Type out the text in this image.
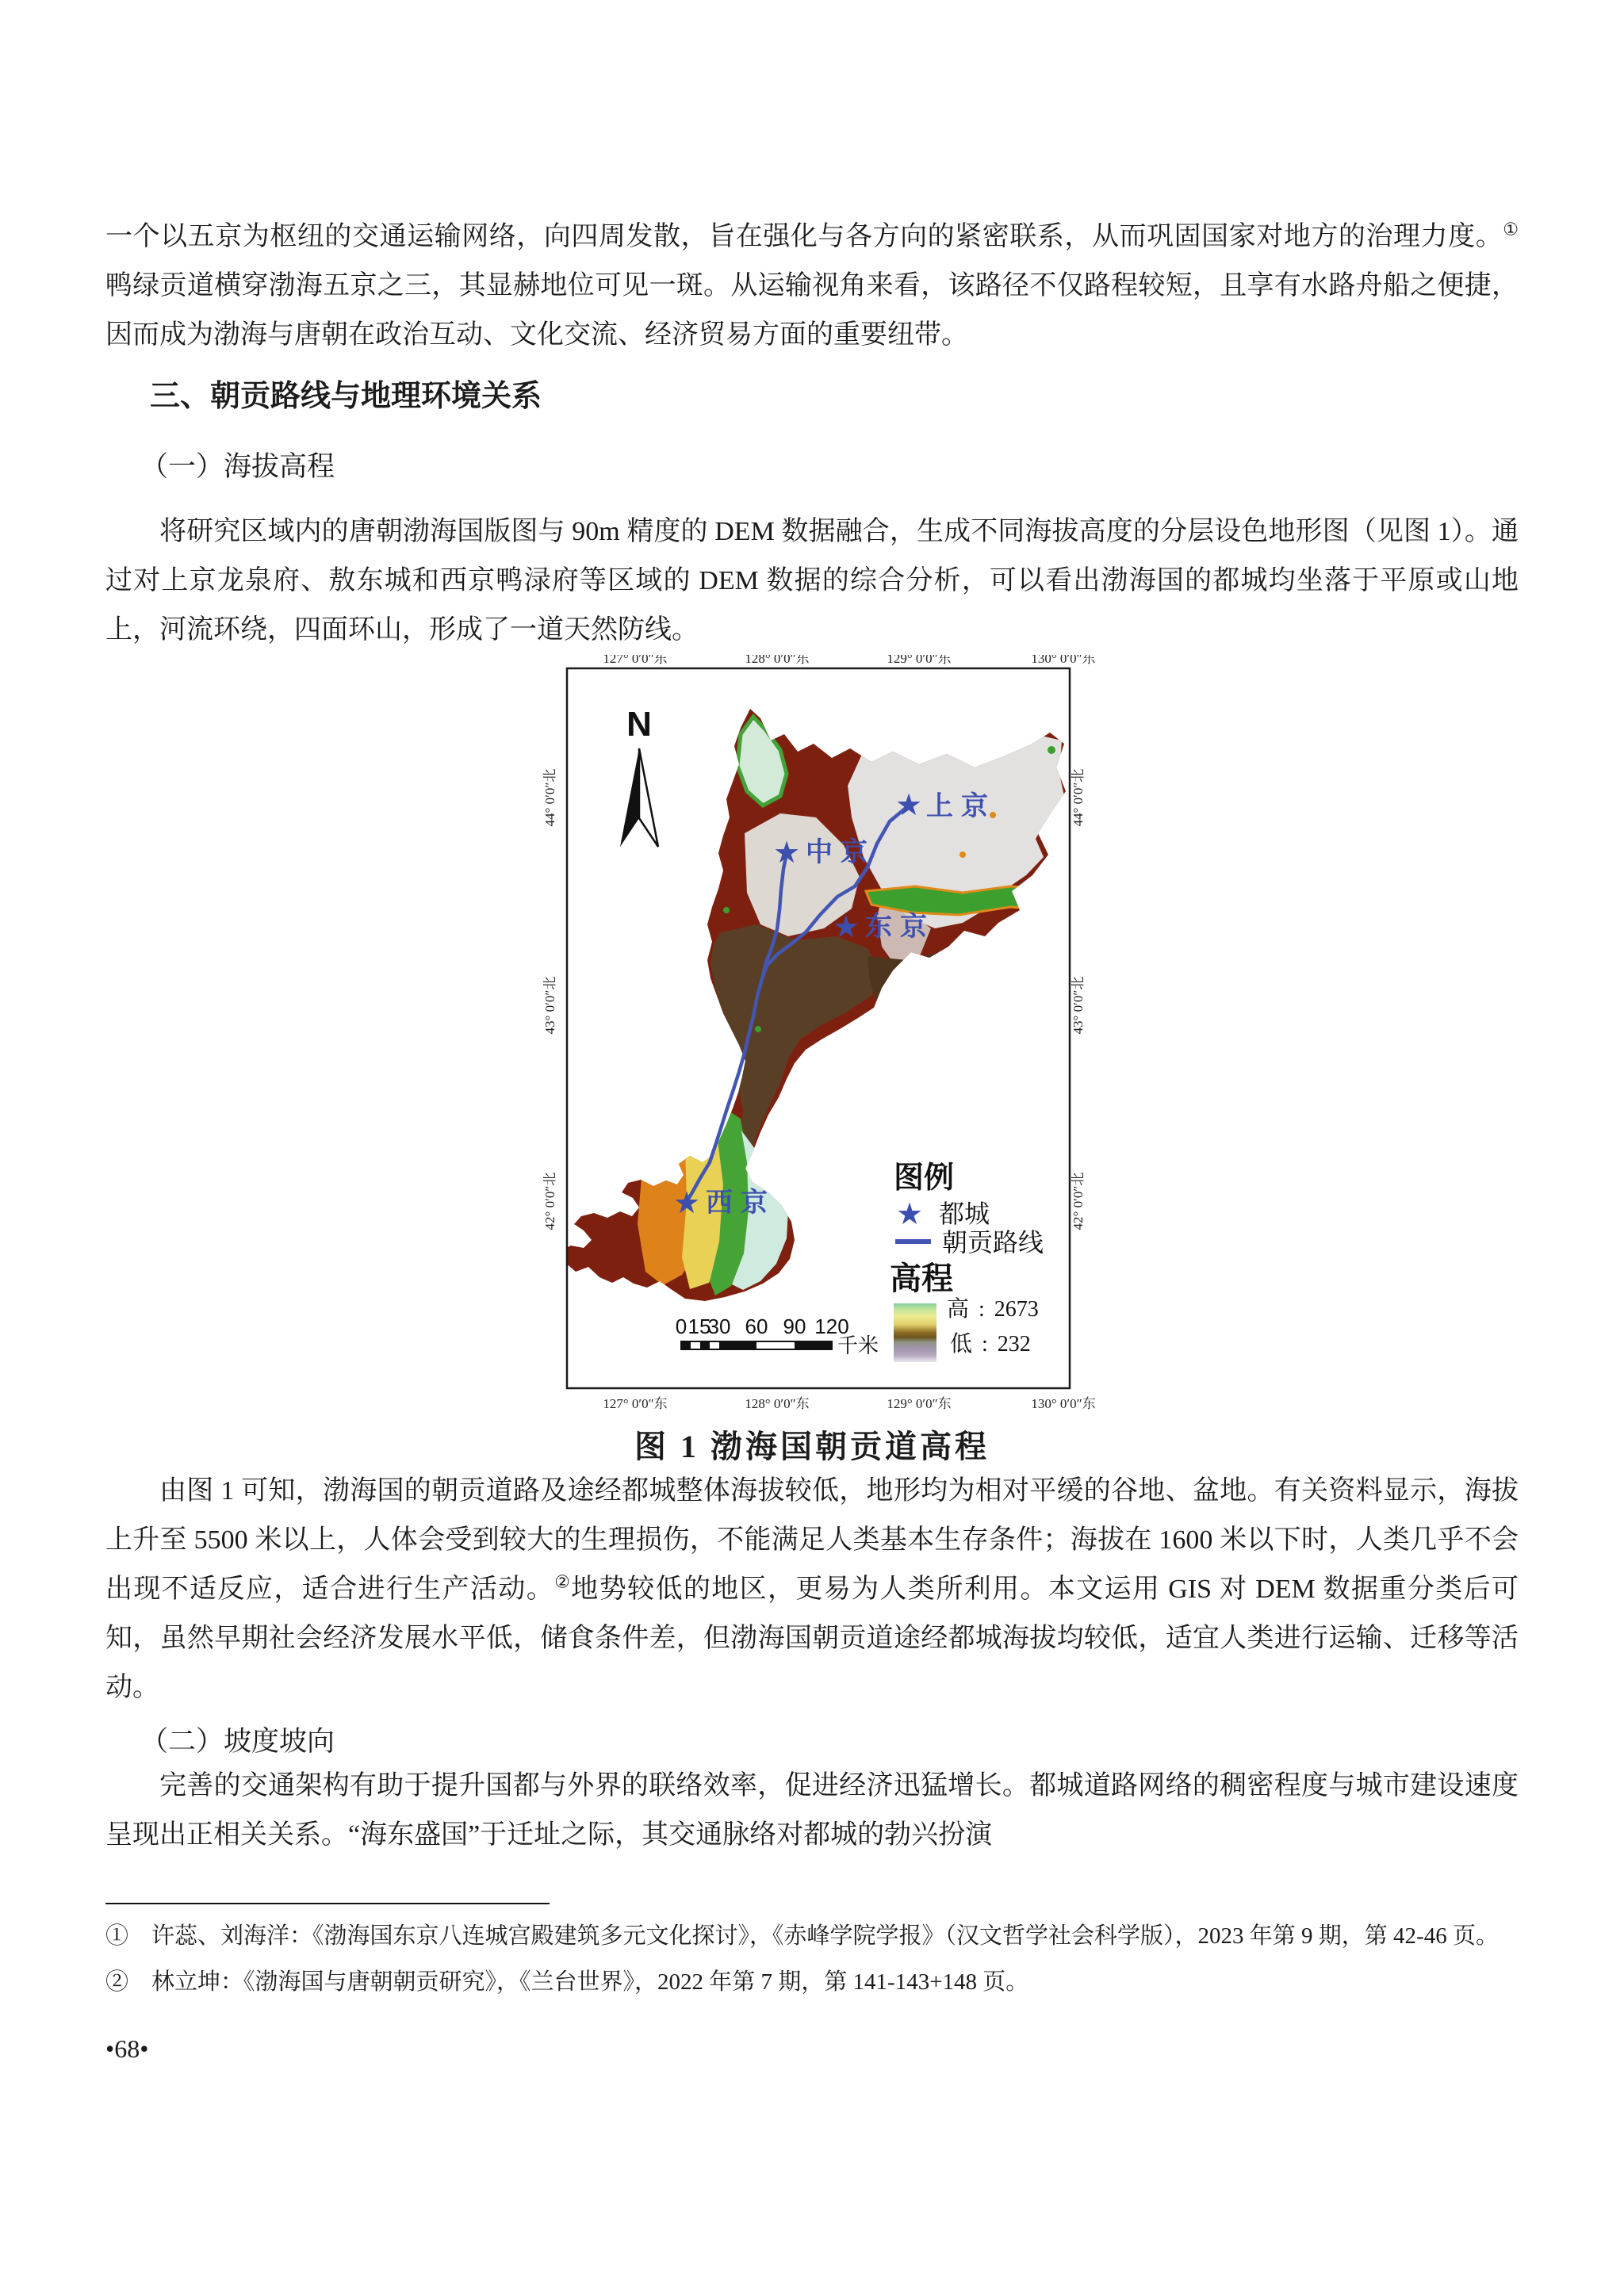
一个以五京为枢纽的交通运输网络，向四周发散，旨在强化与各方向的紧密联系，从而巩固国家对地方的治理力度。①鸭绿贡道横穿渤海五京之三，其显赫地位可见一斑。从运输视角来看，该路径不仅路程较短，且享有水路舟船之便捷，因而成为渤海与唐朝在政治互动、文化交流、经济贸易方面的重要纽带。

三、朝贡路线与地理环境关系
（一）海拔高程

将研究区域内的唐朝渤海国版图与 90m 精度的 DEM 数据融合，生成不同海拔高度的分层设色地形图（见图 1）。通过对上京龙泉府、敖东城和西京鸭渌府等区域的 DEM 数据的综合分析，可以看出渤海国的都城均坐落于平原或山地上，河流环绕，四面环山，形成了一道天然防线。

★ 上京
★ 中京
★ 东京
★ 西京
N
图例
★ 都城
朝贡路线
高程
高 : 2673
低 : 232
0 15
30 60 90 120
千米
127° 0′0″东	128° 0′0″东	129° 0′0″东	130° 0′0″东
127° 0′0″东	128° 0′0″东	129° 0′0″东	130° 0′0″东
44° 0′0″北
43° 0′0″北
42° 0′0″北
44° 0′0″北
43° 0′0″北
42° 0′0″北
图 1 渤海国朝贡道高程

由图 1 可知，渤海国的朝贡道路及途经都城整体海拔较低，地形均为相对平缓的谷地、盆地。有关资料显示，海拔上升至 5500 米以上，人体会受到较大的生理损伤，不能满足人类基本生存条件；海拔在 1600 米以下时，人类几乎不会出现不适反应，适合进行生产活动。②地势较低的地区，更易为人类所利用。本文运用 GIS 对 DEM 数据重分类后可知，虽然早期社会经济发展水平低，储食条件差，但渤海国朝贡道途经都城海拔均较低，适宜人类进行运输、迁移等活动。

（二）坡度坡向

完善的交通架构有助于提升国都与外界的联络效率，促进经济迅猛增长。都城道路网络的稠密程度与城市建设速度呈现出正相关关系。“海东盛国”于迁址之际，其交通脉络对都城的勃兴扮演

①　 许蕊、刘海洋：《渤海国东京八连城宫殿建筑多元文化探讨》，《赤峰学院学报》（汉文哲学社会科学版），2023 年第 9 期，第 42-46 页。

②　 林立坤：《渤海国与唐朝朝贡研究》，《兰台世界》，2022 年第 7 期，第 141-143+148 页。

•68•
